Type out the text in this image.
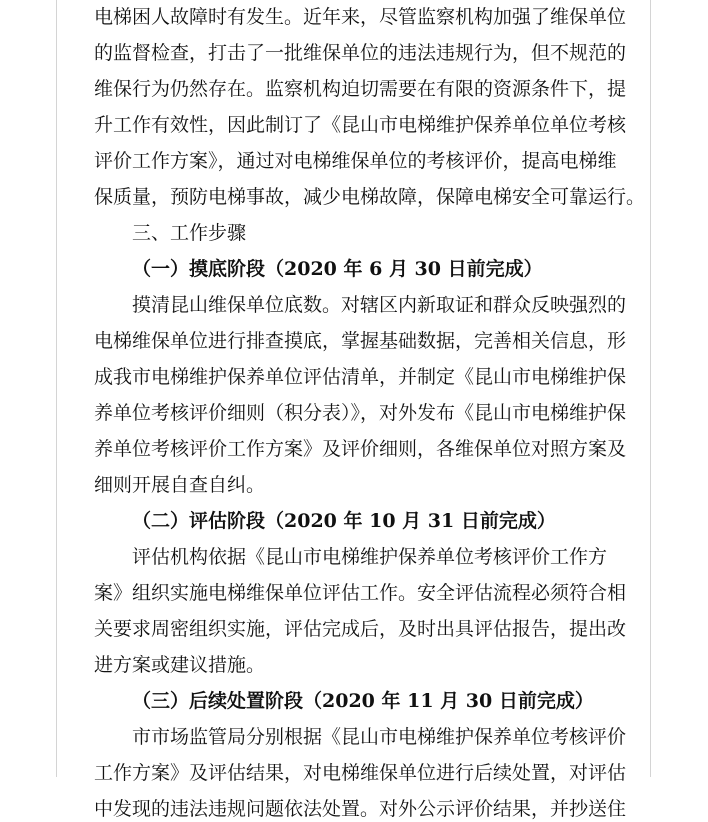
电梯困人故障时有发生。近年来，尽管监察机构加强了维保单位
的监督检查，打击了一批维保单位的违法违规行为，但不规范的
维保行为仍然存在。监察机构迫切需要在有限的资源条件下，提
升工作有效性，因此制订了《昆山市电梯维护保养单位单位考核
评价工作方案》，通过对电梯维保单位的考核评价，提高电梯维
保质量，预防电梯事故，减少电梯故障，保障电梯安全可靠运行。
三、工作步骤
（一）摸底阶段（2020 年 6 月 30 日前完成）
摸清昆山维保单位底数。对辖区内新取证和群众反映强烈的
电梯维保单位进行排查摸底，掌握基础数据，完善相关信息，形
成我市电梯维护保养单位评估清单，并制定《昆山市电梯维护保
养单位考核评价细则（积分表）》，对外发布《昆山市电梯维护保
养单位考核评价工作方案》及评价细则，各维保单位对照方案及
细则开展自查自纠。
（二）评估阶段（2020 年 10 月 31 日前完成）
评估机构依据《昆山市电梯维护保养单位考核评价工作方
案》组织实施电梯维保单位评估工作。安全评估流程必须符合相
关要求周密组织实施，评估完成后，及时出具评估报告，提出改
进方案或建议措施。
（三）后续处置阶段（2020 年 11 月 30 日前完成）
市市场监管局分别根据《昆山市电梯维护保养单位考核评价
工作方案》及评估结果，对电梯维保单位进行后续处置，对评估
中发现的违法违规问题依法处置。对外公示评价结果，并抄送住
